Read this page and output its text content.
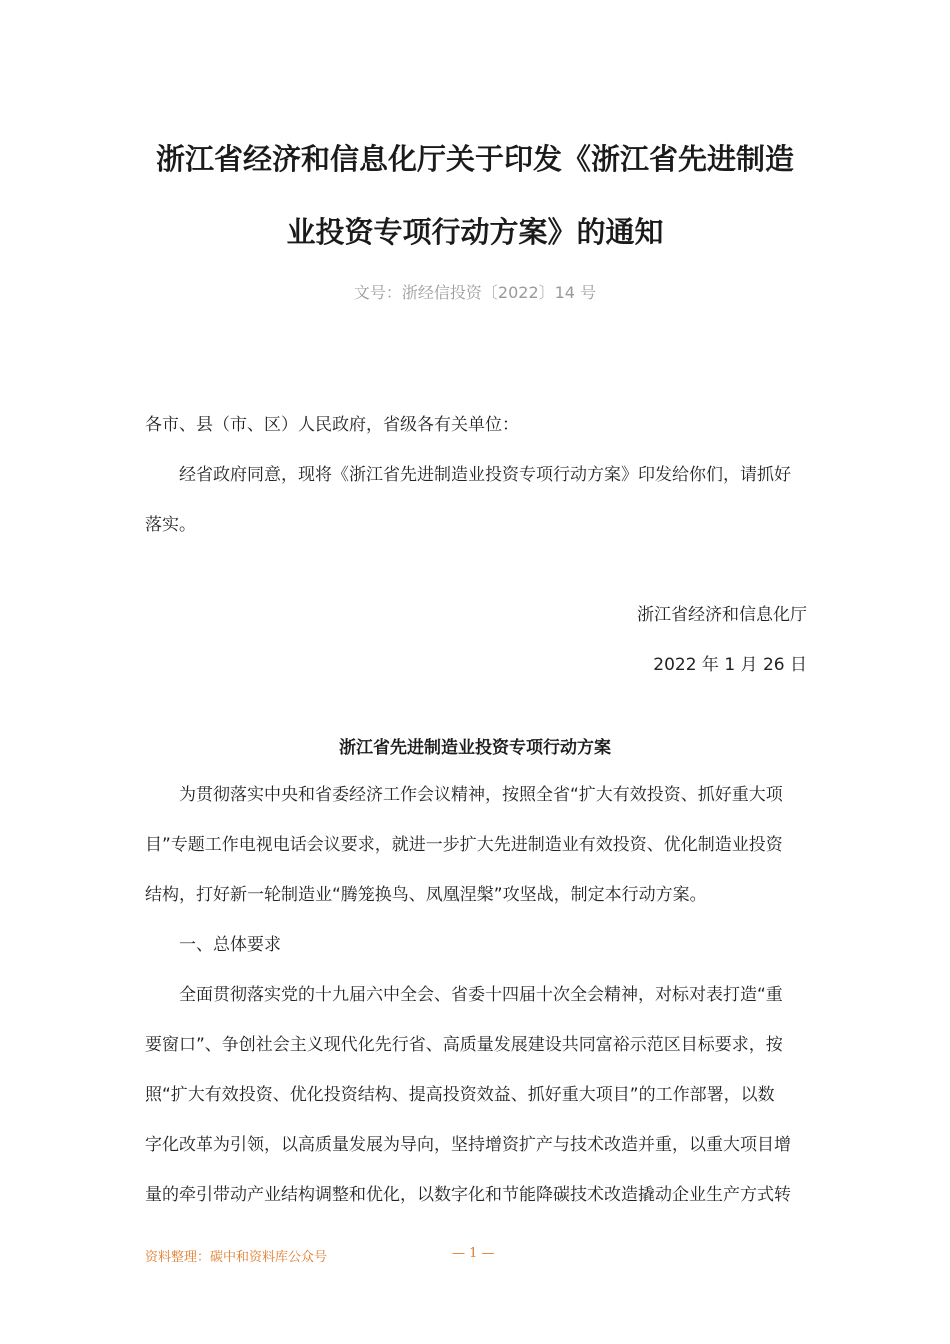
浙江省经济和信息化厅关于印发《浙江省先进制造
业投资专项行动方案》的通知
文号：浙经信投资〔2022〕14 号
各市、县（市、区）人民政府，省级各有关单位：
经省政府同意，现将《浙江省先进制造业投资专项行动方案》印发给你们，请抓好
落实。
浙江省经济和信息化厅
2022 年 1 月 26 日
浙江省先进制造业投资专项行动方案
为贯彻落实中央和省委经济工作会议精神，按照全省“扩大有效投资、抓好重大项
目”专题工作电视电话会议要求，就进一步扩大先进制造业有效投资、优化制造业投资
结构，打好新一轮制造业“腾笼换鸟、凤凰涅槃”攻坚战，制定本行动方案。
一、总体要求
全面贯彻落实党的十九届六中全会、省委十四届十次全会精神，对标对表打造“重
要窗口”、争创社会主义现代化先行省、高质量发展建设共同富裕示范区目标要求，按
照“扩大有效投资、优化投资结构、提高投资效益、抓好重大项目”的工作部署，以数
字化改革为引领，以高质量发展为导向，坚持增资扩产与技术改造并重，以重大项目增
量的牵引带动产业结构调整和优化，以数字化和节能降碳技术改造撬动企业生产方式转
资料整理：碳中和资料库公众号	— 1 —
